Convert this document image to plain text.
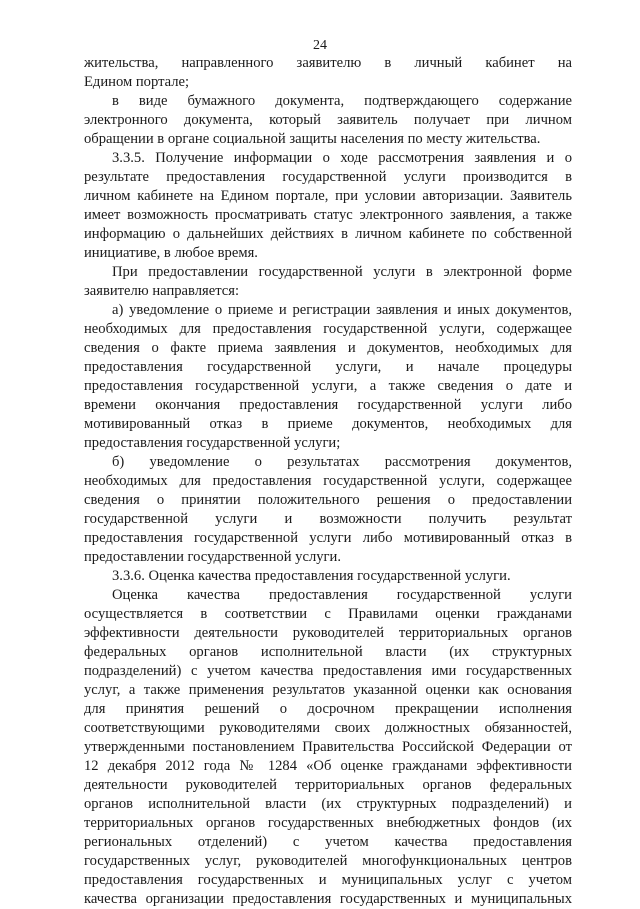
24
жительства, направленного заявителю в личный кабинет на
Едином портале;
в виде бумажного документа, подтверждающего содержание
электронного документа, который заявитель получает при личном
обращении в органе социальной защиты населения по месту жительства.
3.3.5. Получение информации о ходе рассмотрения заявления и о
результате предоставления государственной услуги производится в
личном кабинете на Едином портале, при условии авторизации. Заявитель
имеет возможность просматривать статус электронного заявления, а также
информацию о дальнейших действиях в личном кабинете по собственной
инициативе, в любое время.
При предоставлении государственной услуги в электронной форме
заявителю направляется:
а) уведомление о приеме и регистрации заявления и иных документов,
необходимых для предоставления государственной услуги, содержащее
сведения о факте приема заявления и документов, необходимых для
предоставления государственной услуги, и начале процедуры
предоставления государственной услуги, а также сведения о дате и
времени окончания предоставления государственной услуги либо
мотивированный отказ в приеме документов, необходимых для
предоставления государственной услуги;
б) уведомление о результатах рассмотрения документов,
необходимых для предоставления государственной услуги, содержащее
сведения о принятии положительного решения о предоставлении
государственной услуги и возможности получить результат
предоставления государственной услуги либо мотивированный отказ в
предоставлении государственной услуги.
3.3.6. Оценка качества предоставления государственной услуги.
Оценка качества предоставления государственной услуги
осуществляется в соответствии с Правилами оценки гражданами
эффективности деятельности руководителей территориальных органов
федеральных органов исполнительной власти (их структурных
подразделений) с учетом качества предоставления ими государственных
услуг, а также применения результатов указанной оценки как основания
для принятия решений о досрочном прекращении исполнения
соответствующими руководителями своих должностных обязанностей,
утвержденными постановлением Правительства Российской Федерации от
12 декабря 2012 года № 1284 «Об оценке гражданами эффективности
деятельности руководителей территориальных органов федеральных
органов исполнительной власти (их структурных подразделений) и
территориальных органов государственных внебюджетных фондов (их
региональных отделений) с учетом качества предоставления
государственных услуг, руководителей многофункциональных центров
предоставления государственных и муниципальных услуг с учетом
качества организации предоставления государственных и муниципальных
